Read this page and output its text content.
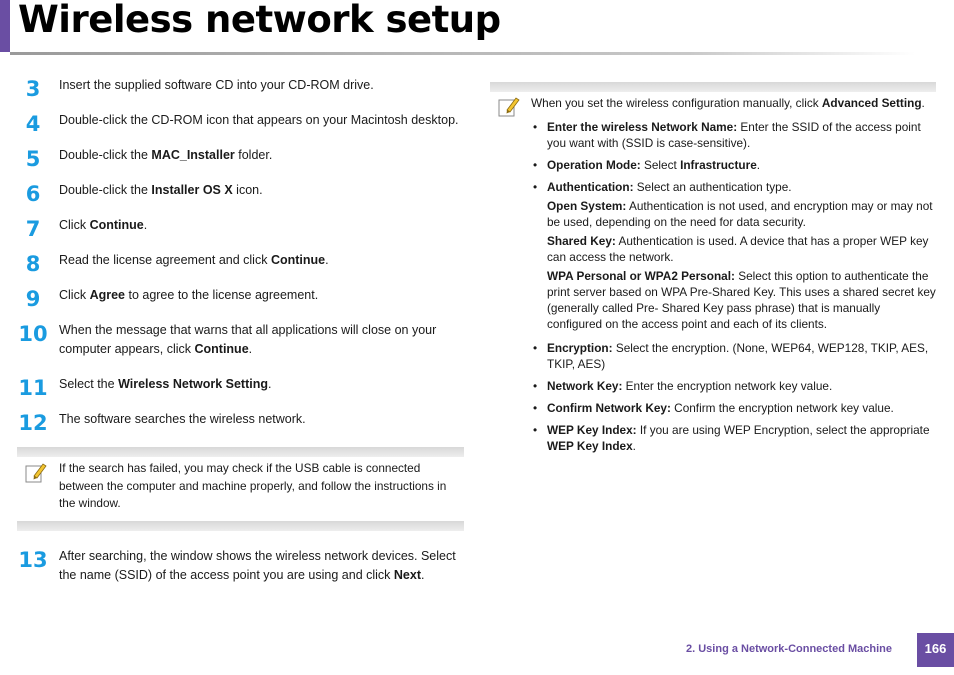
Wireless network setup
3	Insert the supplied software CD into your CD-ROM drive.
4	Double-click the CD-ROM icon that appears on your Macintosh desktop.
5	Double-click the MAC_Installer folder.
6	Double-click the Installer OS X icon.
7	Click Continue.
8	Read the license agreement and click Continue.
9	Click Agree to agree to the license agreement.
10 When the message that warns that all applications will close on your computer appears, click Continue.
11 Select the Wireless Network Setting.
12 The software searches the wireless network.
If the search has failed, you may check if the USB cable is connected between the computer and machine properly, and follow the instructions in the window.
13 After searching, the window shows the wireless network devices. Select the name (SSID) of the access point you are using and click Next.
When you set the wireless configuration manually, click Advanced Setting.
• Enter the wireless Network Name: Enter the SSID of the access point you want with (SSID is case-sensitive).
• Operation Mode: Select Infrastructure.
• Authentication: Select an authentication type.
Open System: Authentication is not used, and encryption may or may not be used, depending on the need for data security.
Shared Key: Authentication is used. A device that has a proper WEP key can access the network.
WPA Personal or WPA2 Personal: Select this option to authenticate the print server based on WPA Pre-Shared Key. This uses a shared secret key (generally called Pre- Shared Key pass phrase) that is manually configured on the access point and each of its clients.
• Encryption: Select the encryption. (None, WEP64, WEP128, TKIP, AES, TKIP, AES)
• Network Key: Enter the encryption network key value.
• Confirm Network Key: Confirm the encryption network key value.
• WEP Key Index: If you are using WEP Encryption, select the appropriate WEP Key Index.
2. Using a Network-Connected Machine	166
